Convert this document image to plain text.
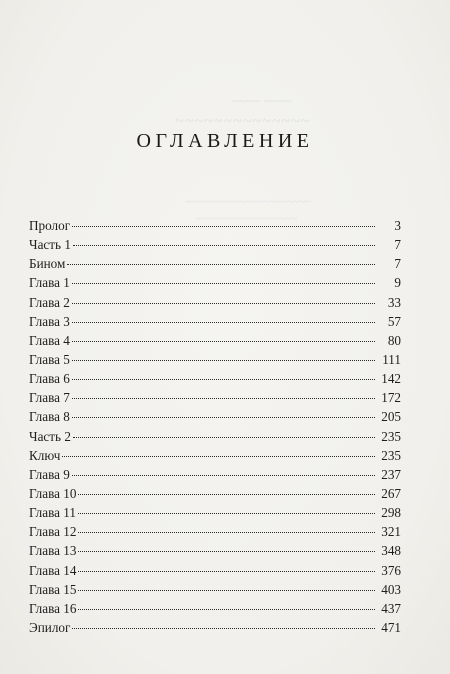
~~~~ ~~~~
~~~~~~~~~~~~~~
~~~~~~~~~~~~~~~~~~~~~
~~~~~~~~~~~~~~~~~
ОГЛАВЛЕНИЕ
Пролог	3
Часть 1	7
Бином	7
Глава 1	9
Глава 2	33
Глава 3	57
Глава 4	80
Глава 5	111
Глава 6	142
Глава 7	172
Глава 8	205
Часть 2	235
Ключ	235
Глава 9	237
Глава 10	267
Глава 11	298
Глава 12	321
Глава 13	348
Глава 14	376
Глава 15	403
Глава 16	437
Эпилог	471
